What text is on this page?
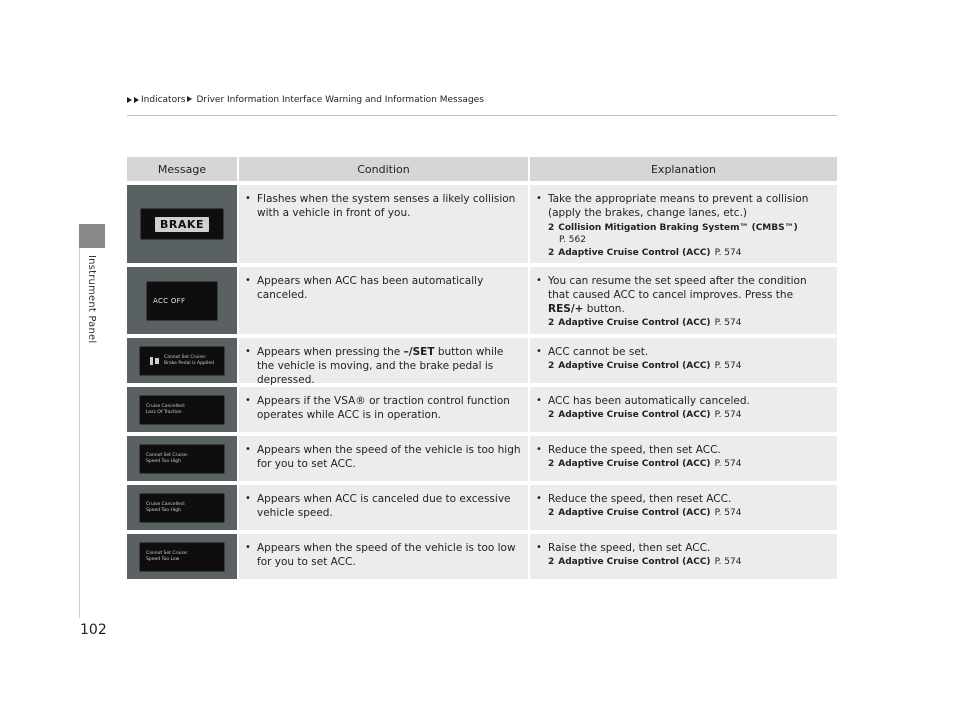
Instrument Panel
Indicators Driver Information Interface Warning and Information Messages
Message	Condition	Explanation
BRAKE
• Flashes when the system senses a likely collision with a vehicle in front of you.
• Take the appropriate means to prevent a collision (apply the brakes, change lanes, etc.)
2 Collision Mitigation Braking System™ (CMBS™)
P. 562
2 Adaptive Cruise Control (ACC) P. 574
ACC OFF
• Appears when ACC has been automatically canceled.
• You can resume the set speed after the condition that caused ACC to cancel improves. Press the RES/+ button.
2 Adaptive Cruise Control (ACC) P. 574
Cannot Set Cruise:
Brake Pedal is Applied
• Appears when pressing the –/SET button while the vehicle is moving, and the brake pedal is depressed.
• ACC cannot be set.
2 Adaptive Cruise Control (ACC) P. 574
Cruise Cancelled:
Loss Of Traction
• Appears if the VSA® or traction control function operates while ACC is in operation.
• ACC has been automatically canceled.
2 Adaptive Cruise Control (ACC) P. 574
Cannot Set Cruise:
Speed Too High
• Appears when the speed of the vehicle is too high for you to set ACC.
• Reduce the speed, then set ACC.
2 Adaptive Cruise Control (ACC) P. 574
Cruise Cancelled:
Speed Too High
• Appears when ACC is canceled due to excessive vehicle speed.
• Reduce the speed, then reset ACC.
2 Adaptive Cruise Control (ACC) P. 574
Cannot Set Cruise:
Speed Too Low
• Appears when the speed of the vehicle is too low for you to set ACC.
• Raise the speed, then set ACC.
2 Adaptive Cruise Control (ACC) P. 574
102
